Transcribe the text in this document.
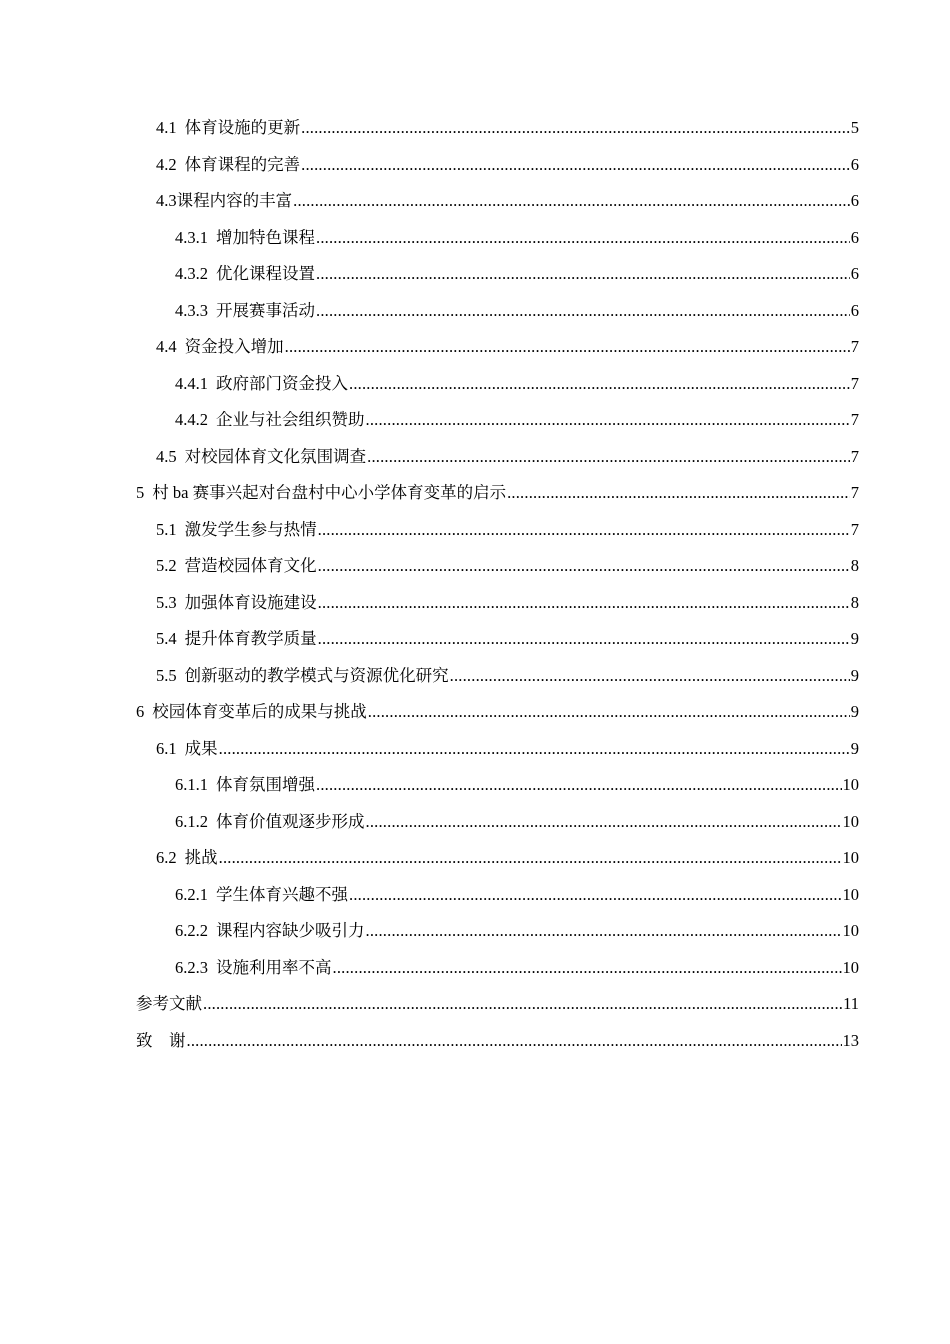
4.1 体育设施的更新 .....	5
4.2 体育课程的完善 .....	6
4.3 课程内容的丰富 .....	6
4.3.1 增加特色课程 .....	6
4.3.2 优化课程设置 .....	6
4.3.3 开展赛事活动 .....	6
4.4 资金投入增加 .....	7
4.4.1 政府部门资金投入 .....	7
4.4.2 企业与社会组织赞助 .....	7
4.5 对校园体育文化氛围调查 .....	7
5 村 ba 赛事兴起对台盘村中心小学体育变革的启示 .....	7
5.1 激发学生参与热情 .....	7
5.2 营造校园体育文化 .....	8
5.3 加强体育设施建设 .....	8
5.4 提升体育教学质量 .....	9
5.5 创新驱动的教学模式与资源优化研究 .....	9
6 校园体育变革后的成果与挑战 .....	9
6.1 成果 .....	9
6.1.1 体育氛围增强 .....	10
6.1.2 体育价值观逐步形成 .....	10
6.2 挑战 .....	10
6.2.1 学生体育兴趣不强 .....	10
6.2.2 课程内容缺少吸引力 .....	10
6.2.3 设施利用率不高 .....	10
参考文献 .....	11
致　谢 .....	13
